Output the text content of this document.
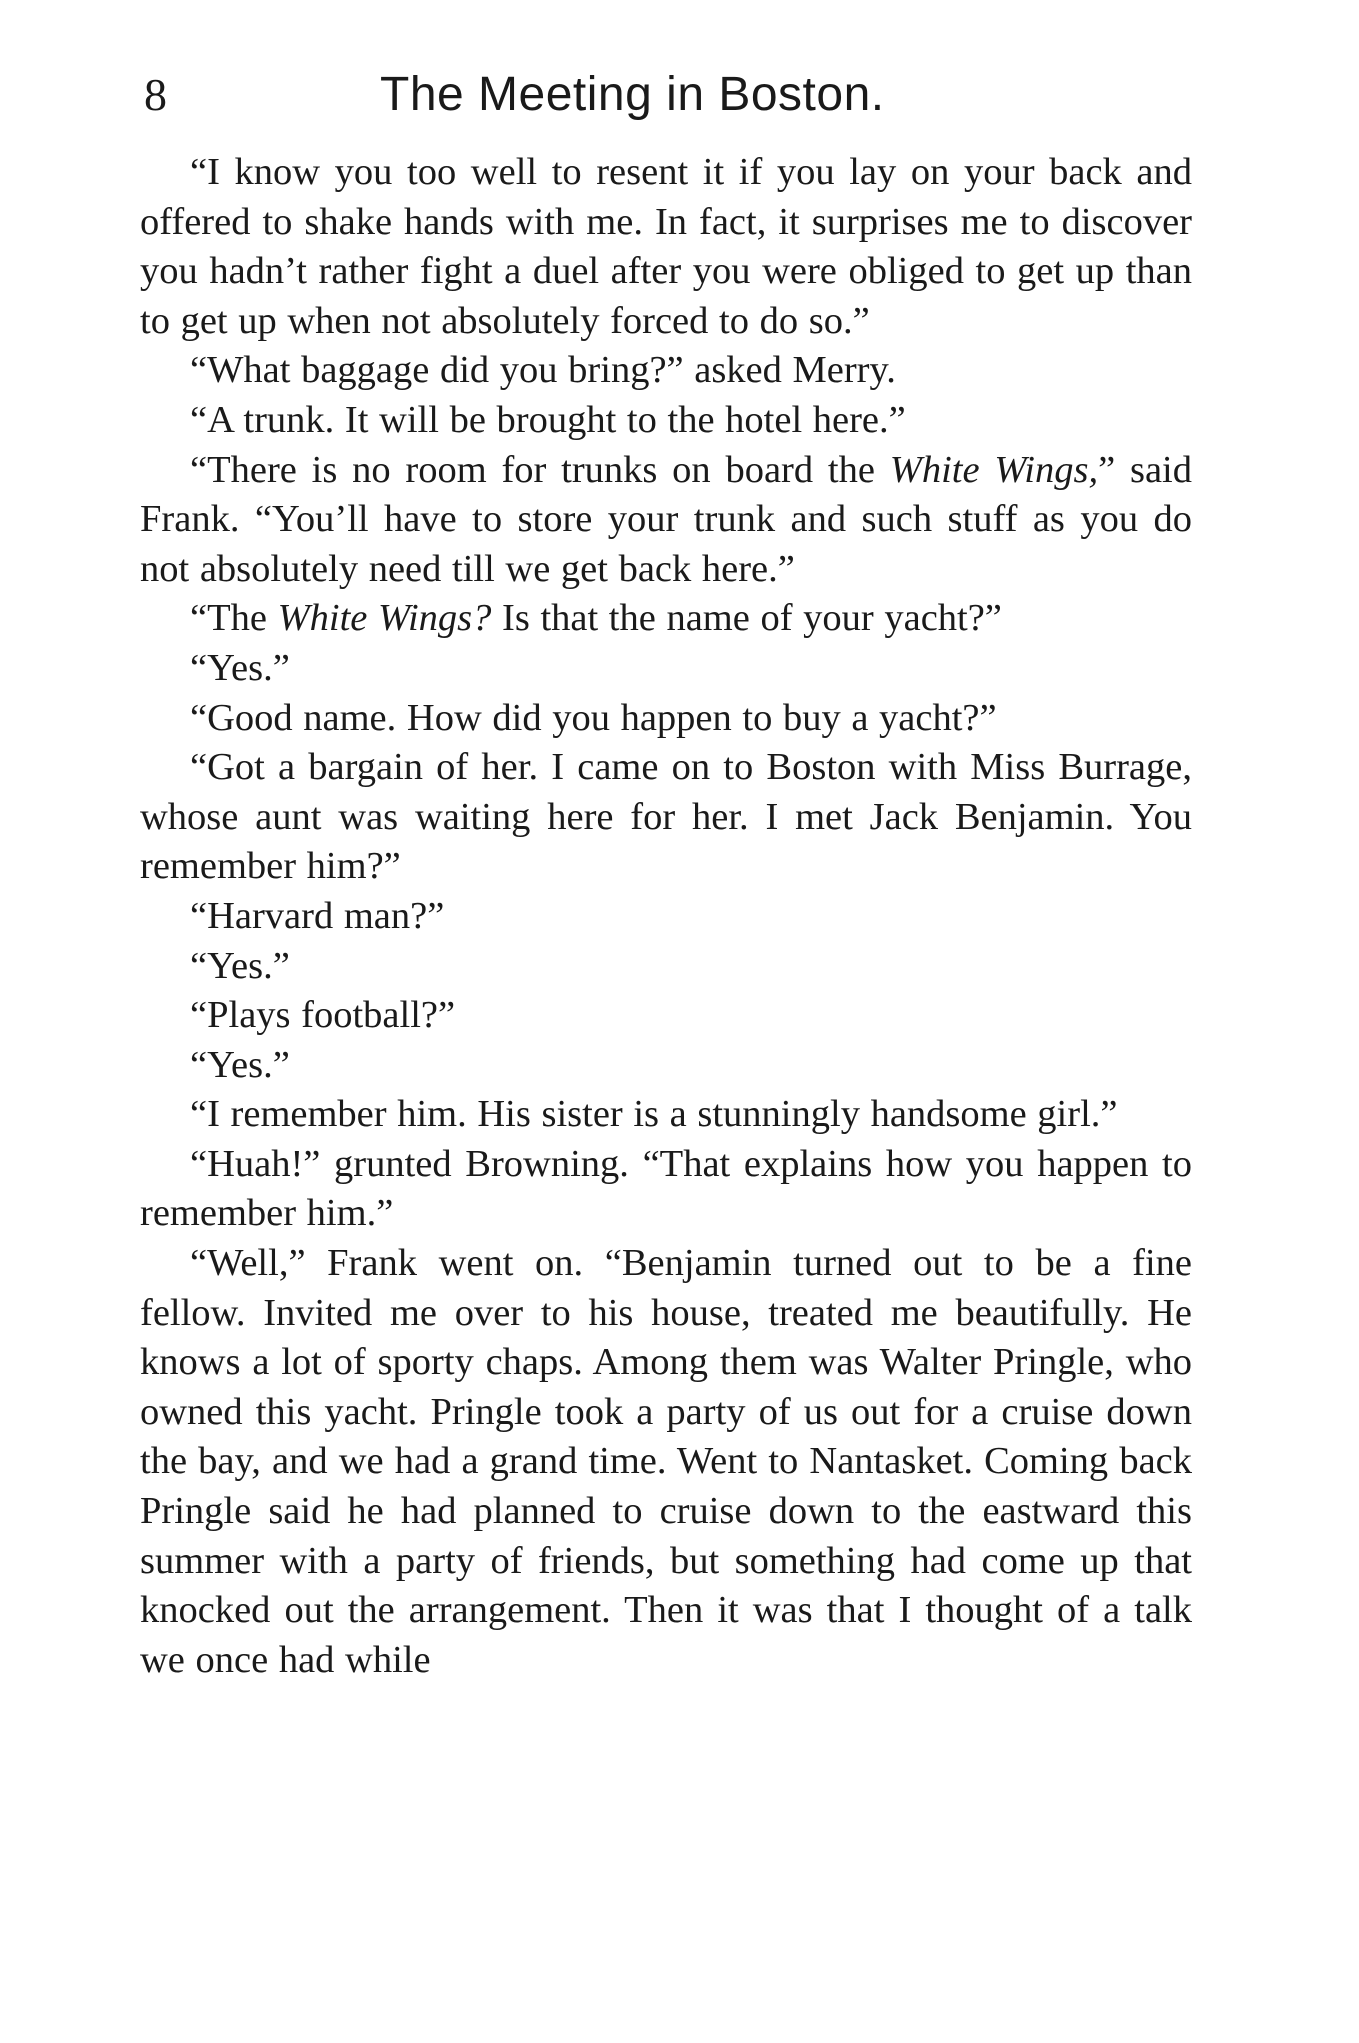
8	The Meeting in Boston.

“I know you too well to resent it if you lay on your back and offered to shake hands with me. In fact, it surprises me to discover you hadn’t rather fight a duel after you were obliged to get up than to get up when not absolutely forced to do so.”

“What baggage did you bring?” asked Merry.

“A trunk. It will be brought to the hotel here.”

“There is no room for trunks on board the White Wings,” said Frank. “You’ll have to store your trunk and such stuff as you do not absolutely need till we get back here.”

“The White Wings? Is that the name of your yacht?”

“Yes.”

“Good name. How did you happen to buy a yacht?”

“Got a bargain of her. I came on to Boston with Miss Burrage, whose aunt was waiting here for her. I met Jack Benjamin. You remember him?”

“Harvard man?”

“Yes.”

“Plays football?”

“Yes.”

“I remember him. His sister is a stunningly handsome girl.”

“Huah!” grunted Browning. “That explains how you happen to remember him.”

“Well,” Frank went on. “Benjamin turned out to be a fine fellow. Invited me over to his house, treated me beautifully. He knows a lot of sporty chaps. Among them was Walter Pringle, who owned this yacht. Pringle took a party of us out for a cruise down the bay, and we had a grand time. Went to Nantasket. Coming back Pringle said he had planned to cruise down to the eastward this summer with a party of friends, but something had come up that knocked out the arrangement. Then it was that I thought of a talk we once had while
